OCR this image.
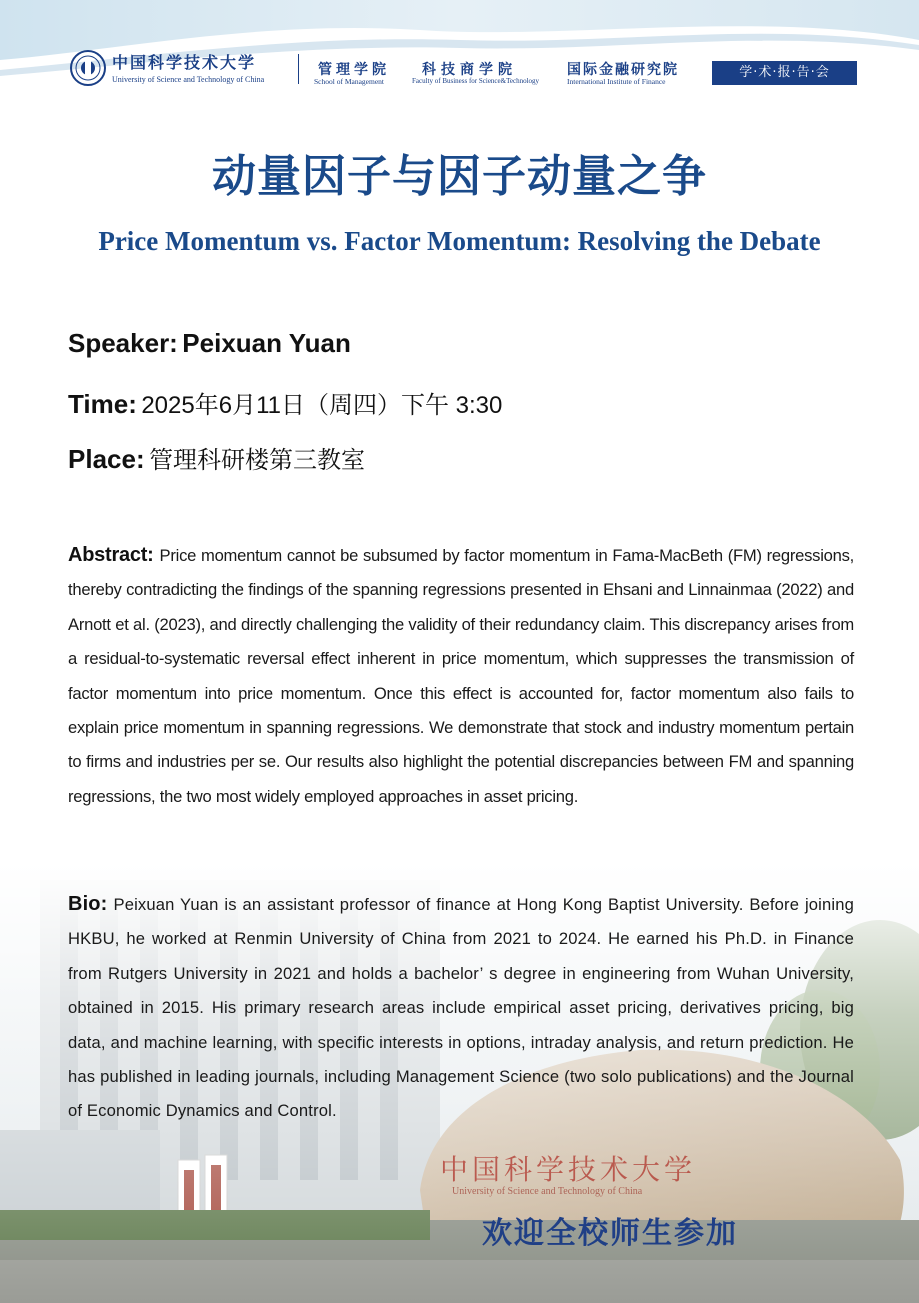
中国科学技术大学
University of Science and Technology of China
管理学院
School of Management
科技商学院
Faculty of Business for Science&Technology
国际金融研究院
International Institute of Finance
学·术·报·告·会
动量因子与因子动量之争
Price Momentum vs. Factor Momentum: Resolving the Debate
Speaker: Peixuan Yuan
Time: 2025年6月11日（周四）下午 3:30
Place: 管理科研楼第三教室
Abstract: Price momentum cannot be subsumed by factor momentum in Fama-MacBeth (FM) regressions, thereby contradicting the findings of the spanning regressions presented in Ehsani and Linnainmaa (2022) and Arnott et al. (2023), and directly challenging the validity of their redundancy claim. This discrepancy arises from a residual-to-systematic reversal effect inherent in price momentum, which suppresses the transmission of factor momentum into price momentum. Once this effect is accounted for, factor momentum also fails to explain price momentum in spanning regressions. We demonstrate that stock and industry momentum pertain to firms and industries per se. Our results also highlight the potential discrepancies between FM and spanning regressions, the two most widely employed approaches in asset pricing.
Bio: Peixuan Yuan is an assistant professor of finance at Hong Kong Baptist University. Before joining HKBU, he worked at Renmin University of China from 2021 to 2024. He earned his Ph.D. in Finance from Rutgers University in 2021 and holds a bachelor’ s degree in engineering from Wuhan University, obtained in 2015. His primary research areas include empirical asset pricing, derivatives pricing, big data, and machine learning, with specific interests in options, intraday analysis, and return prediction. He has published in leading journals, including Management Science (two solo publications) and the Journal of Economic Dynamics and Control.
中国科学技术大学
University of Science and Technology of China
欢迎全校师生参加
